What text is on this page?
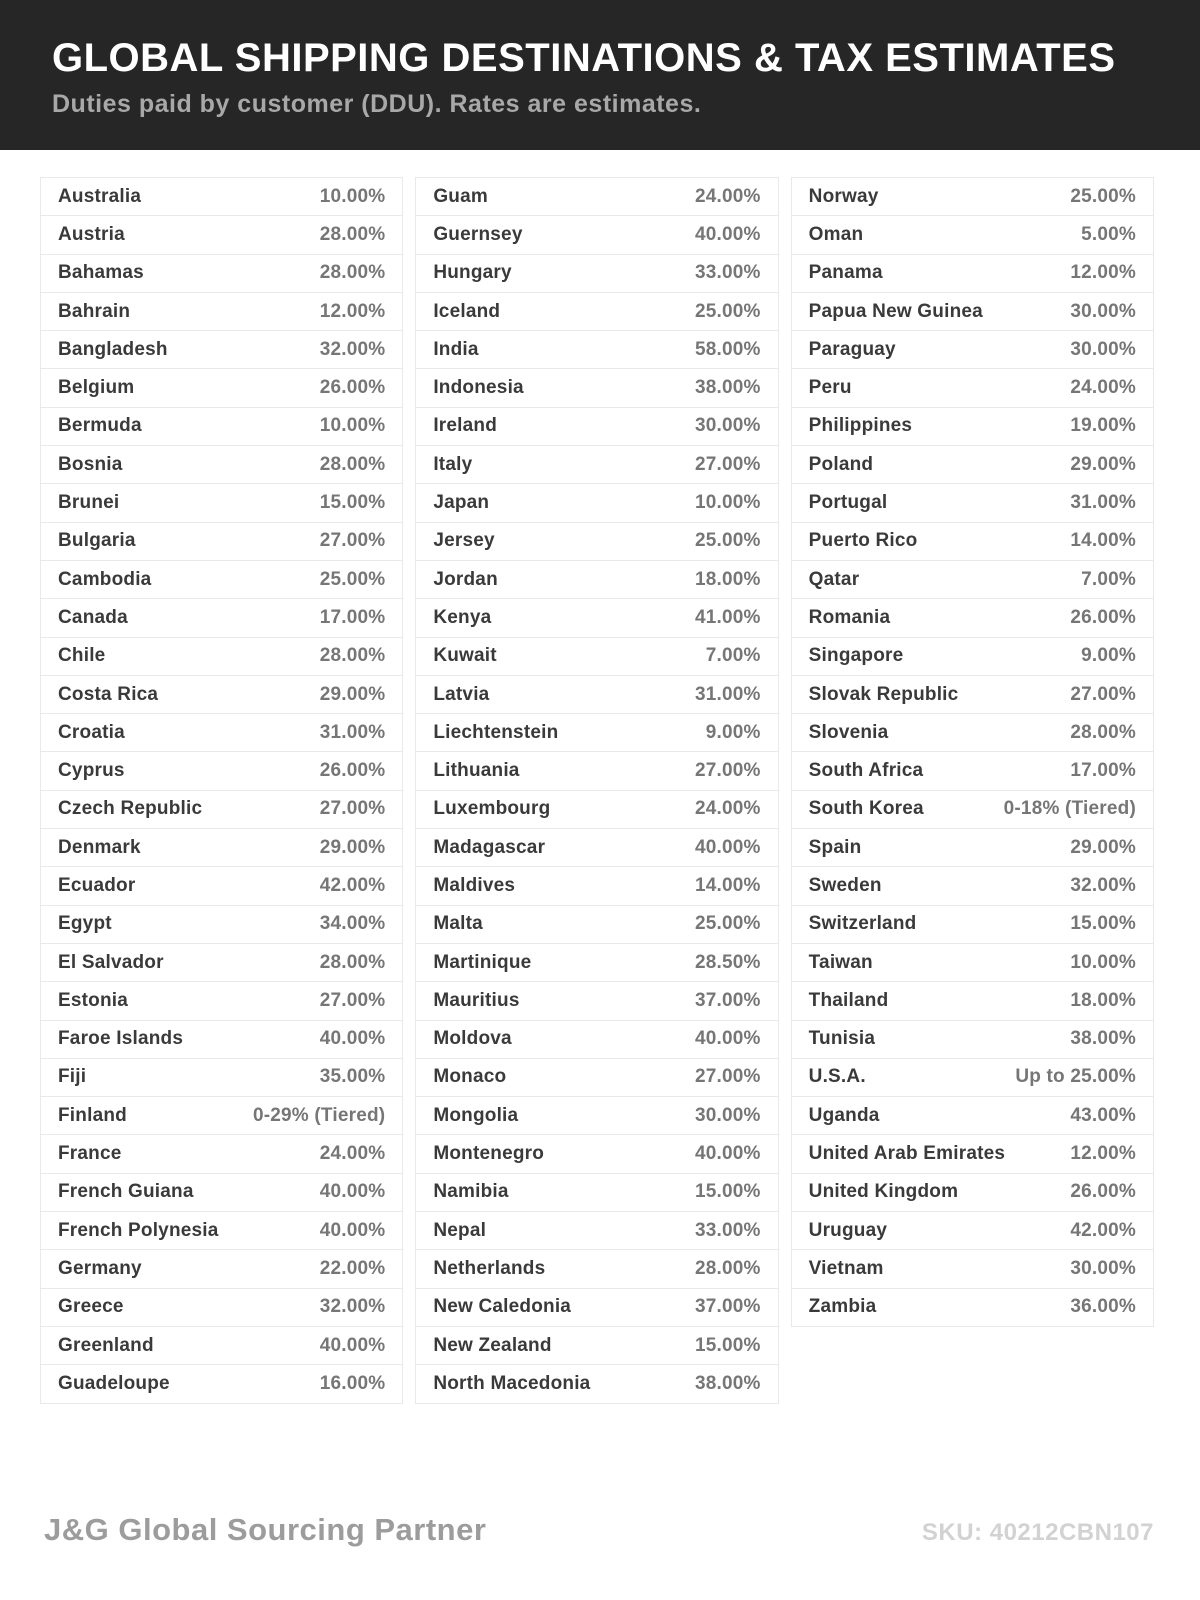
GLOBAL SHIPPING DESTINATIONS & TAX ESTIMATES
Duties paid by customer (DDU). Rates are estimates.
Australia	10.00%
Austria	28.00%
Bahamas	28.00%
Bahrain	12.00%
Bangladesh	32.00%
Belgium	26.00%
Bermuda	10.00%
Bosnia	28.00%
Brunei	15.00%
Bulgaria	27.00%
Cambodia	25.00%
Canada	17.00%
Chile	28.00%
Costa Rica	29.00%
Croatia	31.00%
Cyprus	26.00%
Czech Republic	27.00%
Denmark	29.00%
Ecuador	42.00%
Egypt	34.00%
El Salvador	28.00%
Estonia	27.00%
Faroe Islands	40.00%
Fiji	35.00%
Finland	0-29% (Tiered)
France	24.00%
French Guiana	40.00%
French Polynesia	40.00%
Germany	22.00%
Greece	32.00%
Greenland	40.00%
Guadeloupe	16.00%
Guam	24.00%
Guernsey	40.00%
Hungary	33.00%
Iceland	25.00%
India	58.00%
Indonesia	38.00%
Ireland	30.00%
Italy	27.00%
Japan	10.00%
Jersey	25.00%
Jordan	18.00%
Kenya	41.00%
Kuwait	7.00%
Latvia	31.00%
Liechtenstein	9.00%
Lithuania	27.00%
Luxembourg	24.00%
Madagascar	40.00%
Maldives	14.00%
Malta	25.00%
Martinique	28.50%
Mauritius	37.00%
Moldova	40.00%
Monaco	27.00%
Mongolia	30.00%
Montenegro	40.00%
Namibia	15.00%
Nepal	33.00%
Netherlands	28.00%
New Caledonia	37.00%
New Zealand	15.00%
North Macedonia	38.00%
Norway	25.00%
Oman	5.00%
Panama	12.00%
Papua New Guinea	30.00%
Paraguay	30.00%
Peru	24.00%
Philippines	19.00%
Poland	29.00%
Portugal	31.00%
Puerto Rico	14.00%
Qatar	7.00%
Romania	26.00%
Singapore	9.00%
Slovak Republic	27.00%
Slovenia	28.00%
South Africa	17.00%
South Korea	0-18% (Tiered)
Spain	29.00%
Sweden	32.00%
Switzerland	15.00%
Taiwan	10.00%
Thailand	18.00%
Tunisia	38.00%
U.S.A.	Up to 25.00%
Uganda	43.00%
United Arab Emirates	12.00%
United Kingdom	26.00%
Uruguay	42.00%
Vietnam	30.00%
Zambia	36.00%
J&G Global Sourcing Partner	SKU: 40212CBN107
